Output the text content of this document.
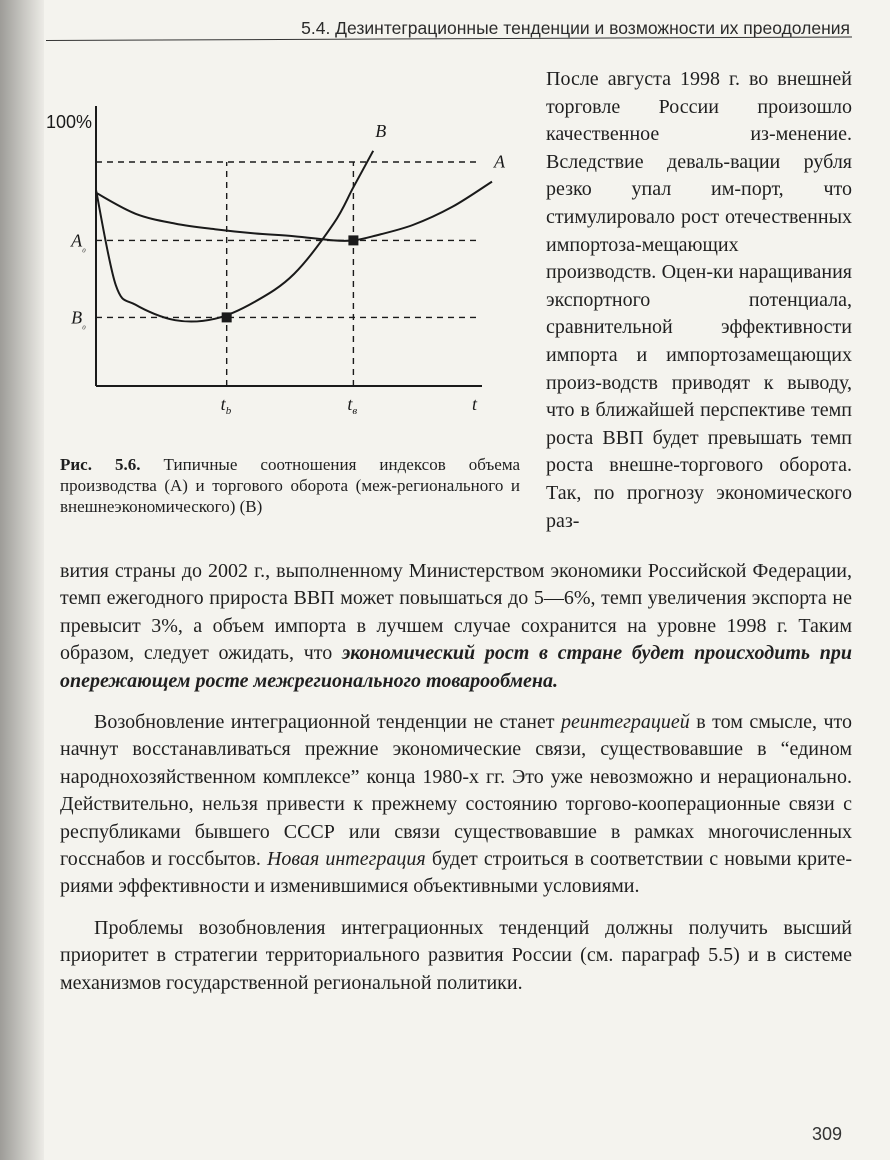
5.4. Дезинтеграционные тенденции и возможности их преодоления
A
B
100%
$A_{_0}$
$B_{_0}$
$t_b$	$t_в$	t
Рис. 5.6. Типичные соотношения индексов объема производства (А) и торгового оборота (меж-регионального и внешнеэкономического) (В)

После августа 1998 г. во внешней торговле России произошло качественное из-менение. Вследствие деваль-вации рубля резко упал им-порт, что стимулировало рост отечественных импортоза-мещающих производств. Оцен-ки наращивания экспортного потенциала, сравнительной эффективности импорта и импортозамещающих произ-водств приводят к выводу, что в ближайшей перспективе темп роста ВВП будет превышать темп роста внешне-торгового оборота. Так, по прогнозу экономического раз-

вития страны до 2002 г., выполненному Министерством экономики Российской Федерации, темп ежегодного прироста ВВП может повышаться до 5—6%, темп увеличения экспорта не превысит 3%, а объем импорта в лучшем случае сохранится на уровне 1998 г. Таким образом, следует ожидать, что экономический рост в стране будет происходить при опережающем росте межрегионального товарообмена.

Возобновление интеграционной тенденции не станет реинтеграцией в том смысле, что начнут восстанавливаться прежние экономические связи, существовавшие в “едином народнохозяйственном комплексе” конца 1980-х гг. Это уже невозможно и нерационально. Действительно, нельзя привести к прежнему состоянию торгово-кооперационные связи с республиками бывшего СССР или связи существовавшие в рамках многочисленных госснабов и госсбытов. Новая интеграция будет строиться в соответствии с новыми крите-риями эффективности и изменившимися объективными условиями.

Проблемы возобновления интеграционных тенденций должны получить высший приоритет в стратегии территориального развития России (см. параграф 5.5) и в системе механизмов государственной региональной политики.

309
